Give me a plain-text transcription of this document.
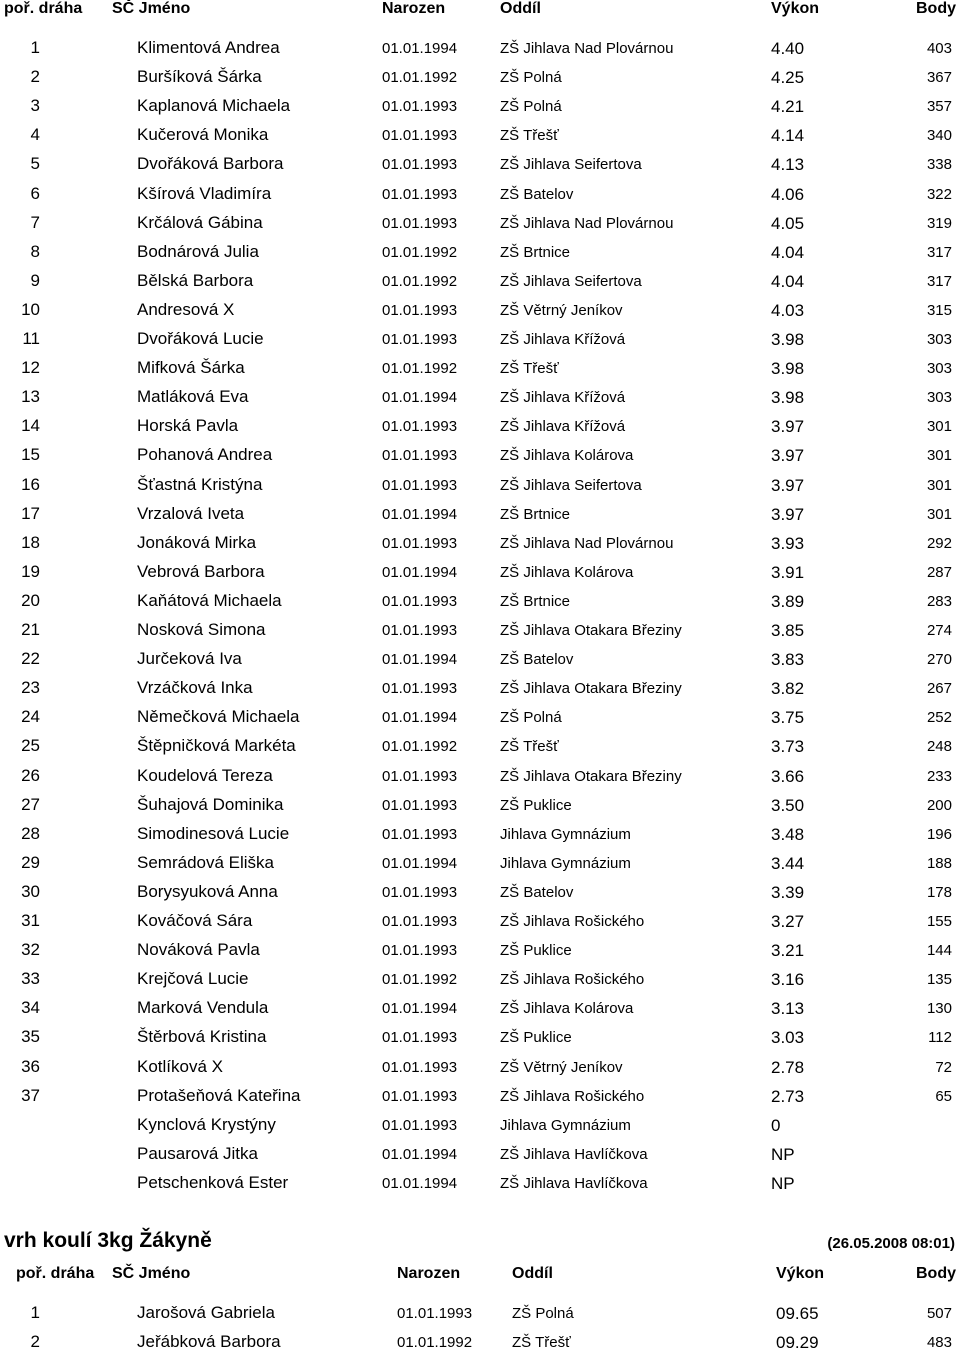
poř. dráha SČ Jméno	Narozen	Oddíl	Výkon	Body
1	Klimentová Andrea	01.01.1994	ZŠ Jihlava Nad Plovárnou	4.40	403
2	Buršíková Šárka	01.01.1992	ZŠ Polná	4.25	367
3	Kaplanová Michaela	01.01.1993	ZŠ Polná	4.21	357
4	Kučerová Monika	01.01.1993	ZŠ Třešť	4.14	340
5	Dvořáková Barbora	01.01.1993	ZŠ Jihlava Seifertova	4.13	338
6	Kšírová Vladimíra	01.01.1993	ZŠ Batelov	4.06	322
7	Krčálová Gábina	01.01.1993	ZŠ Jihlava Nad Plovárnou	4.05	319
8	Bodnárová Julia	01.01.1992	ZŠ Brtnice	4.04	317
9	Bělská Barbora	01.01.1992	ZŠ Jihlava Seifertova	4.04	317
10	Andresová X	01.01.1993	ZŠ Větrný Jeníkov	4.03	315
11	Dvořáková Lucie	01.01.1993	ZŠ Jihlava Křížová	3.98	303
12	Mifková Šárka	01.01.1992	ZŠ Třešť	3.98	303
13	Matláková Eva	01.01.1994	ZŠ Jihlava Křížová	3.98	303
14	Horská Pavla	01.01.1993	ZŠ Jihlava Křížová	3.97	301
15	Pohanová Andrea	01.01.1993	ZŠ Jihlava Kolárova	3.97	301
16	Šťastná Kristýna	01.01.1993	ZŠ Jihlava Seifertova	3.97	301
17	Vrzalová Iveta	01.01.1994	ZŠ Brtnice	3.97	301
18	Jonáková Mirka	01.01.1993	ZŠ Jihlava Nad Plovárnou	3.93	292
19	Vebrová Barbora	01.01.1994	ZŠ Jihlava Kolárova	3.91	287
20	Kaňátová Michaela	01.01.1993	ZŠ Brtnice	3.89	283
21	Nosková Simona	01.01.1993	ZŠ Jihlava Otakara Březiny	3.85	274
22	Jurčeková Iva	01.01.1994	ZŠ Batelov	3.83	270
23	Vrzáčková Inka	01.01.1993	ZŠ Jihlava Otakara Březiny	3.82	267
24	Němečková Michaela	01.01.1994	ZŠ Polná	3.75	252
25	Štěpničková Markéta	01.01.1992	ZŠ Třešť	3.73	248
26	Koudelová Tereza	01.01.1993	ZŠ Jihlava Otakara Březiny	3.66	233
27	Šuhajová Dominika	01.01.1993	ZŠ Puklice	3.50	200
28	Simodinesová Lucie	01.01.1993	Jihlava Gymnázium	3.48	196
29	Semrádová Eliška	01.01.1994	Jihlava Gymnázium	3.44	188
30	Borysyuková Anna	01.01.1993	ZŠ Batelov	3.39	178
31	Kováčová Sára	01.01.1993	ZŠ Jihlava Rošického	3.27	155
32	Nováková Pavla	01.01.1993	ZŠ Puklice	3.21	144
33	Krejčová Lucie	01.01.1992	ZŠ Jihlava Rošického	3.16	135
34	Marková Vendula	01.01.1994	ZŠ Jihlava Kolárova	3.13	130
35	Štěrbová Kristina	01.01.1993	ZŠ Puklice	3.03	112
36	Kotlíková X	01.01.1993	ZŠ Větrný Jeníkov	2.78	72
37	Protašeňová Kateřina	01.01.1993	ZŠ Jihlava Rošického	2.73	65
Kynclová Krystýny	01.01.1993	Jihlava Gymnázium	0
Pausarová Jitka	01.01.1994	ZŠ Jihlava Havlíčkova	NP
Petschenková Ester	01.01.1994	ZŠ Jihlava Havlíčkova	NP
vrh koulí 3kg Žákyně	(26.05.2008 08:01)
poř. dráha SČ Jméno	Narozen	Oddíl	Výkon	Body
1	Jarošová Gabriela	01.01.1993	ZŠ Polná	09.65	507
2	Jeřábková Barbora	01.01.1992	ZŠ Třešť	09.29	483
